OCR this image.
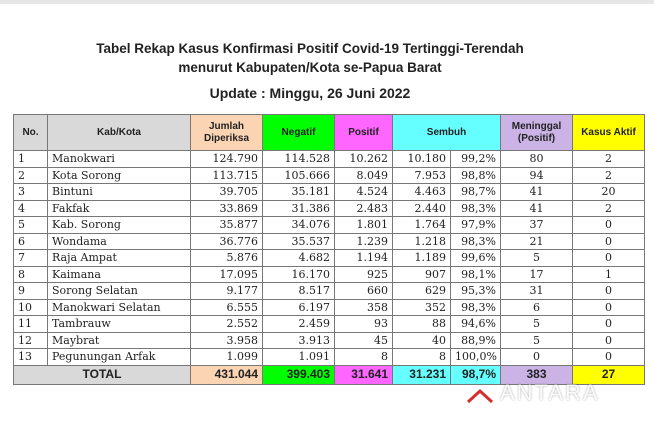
Tabel Rekap Kasus Konfirmasi Positif Covid-19 Tertinggi-Terendah
menurut Kabupaten/Kota se-Papua Barat
Update : Minggu, 26 Juni 2022
No.	Kab/Kota	Jumlah Diperiksa	Negatif	Positif	Sembuh		Meninggal (Positif)	Kasus Aktif
1	Manokwari	124.790	114.528	10.262	10.180	99,2%	80	2
2	Kota Sorong	113.715	105.666	8.049	7.953	98,8%	94	2
3	Bintuni	39.705	35.181	4.524	4.463	98,7%	41	20
4	Fakfak	33.869	31.386	2.483	2.440	98,3%	41	2
5	Kab. Sorong	35.877	34.076	1.801	1.764	97,9%	37	0
6	Wondama	36.776	35.537	1.239	1.218	98,3%	21	0
7	Raja Ampat	5.876	4.682	1.194	1.189	99,6%	5	0
8	Kaimana	17.095	16.170	925	907	98,1%	17	1
9	Sorong Selatan	9.177	8.517	660	629	95,3%	31	0
10	Manokwari Selatan	6.555	6.197	358	352	98,3%	6	0
11	Tambrauw	2.552	2.459	93	88	94,6%	5	0
12	Maybrat	3.958	3.913	45	40	88,9%	5	0
13	Pegunungan Arfak	1.099	1.091	8	8	100,0%	0	0
TOTAL		431.044	399.403	31.641	31.231	98,7%	383	27
ANTARA
